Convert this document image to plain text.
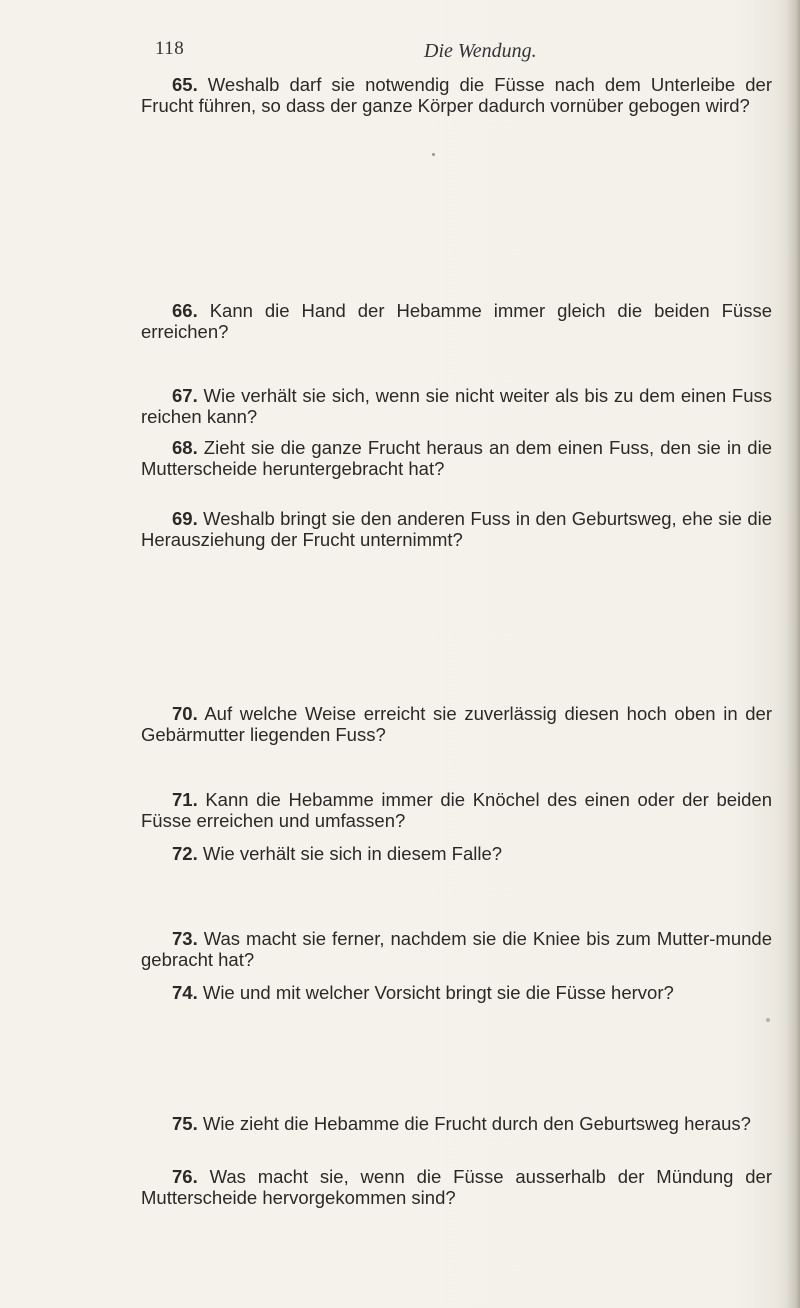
118	Die Wendung.

65. Weshalb darf sie notwendig die Füsse nach dem Unterleibe der Frucht führen, so dass der ganze Körper dadurch vornüber gebogen wird?

66. Kann die Hand der Hebamme immer gleich die beiden Füsse erreichen?

67. Wie verhält sie sich, wenn sie nicht weiter als bis zu dem einen Fuss reichen kann?

68. Zieht sie die ganze Frucht heraus an dem einen Fuss, den sie in die Mutterscheide heruntergebracht hat?

69. Weshalb bringt sie den anderen Fuss in den Geburtsweg, ehe sie die Herausziehung der Frucht unternimmt?

70. Auf welche Weise erreicht sie zuverlässig diesen hoch oben in der Gebärmutter liegenden Fuss?

71. Kann die Hebamme immer die Knöchel des einen oder der beiden Füsse erreichen und umfassen?

72. Wie verhält sie sich in diesem Falle?

73. Was macht sie ferner, nachdem sie die Kniee bis zum Mutter-munde gebracht hat?

74. Wie und mit welcher Vorsicht bringt sie die Füsse hervor?

75. Wie zieht die Hebamme die Frucht durch den Geburtsweg heraus?

76. Was macht sie, wenn die Füsse ausserhalb der Mündung der Mutterscheide hervorgekommen sind?
